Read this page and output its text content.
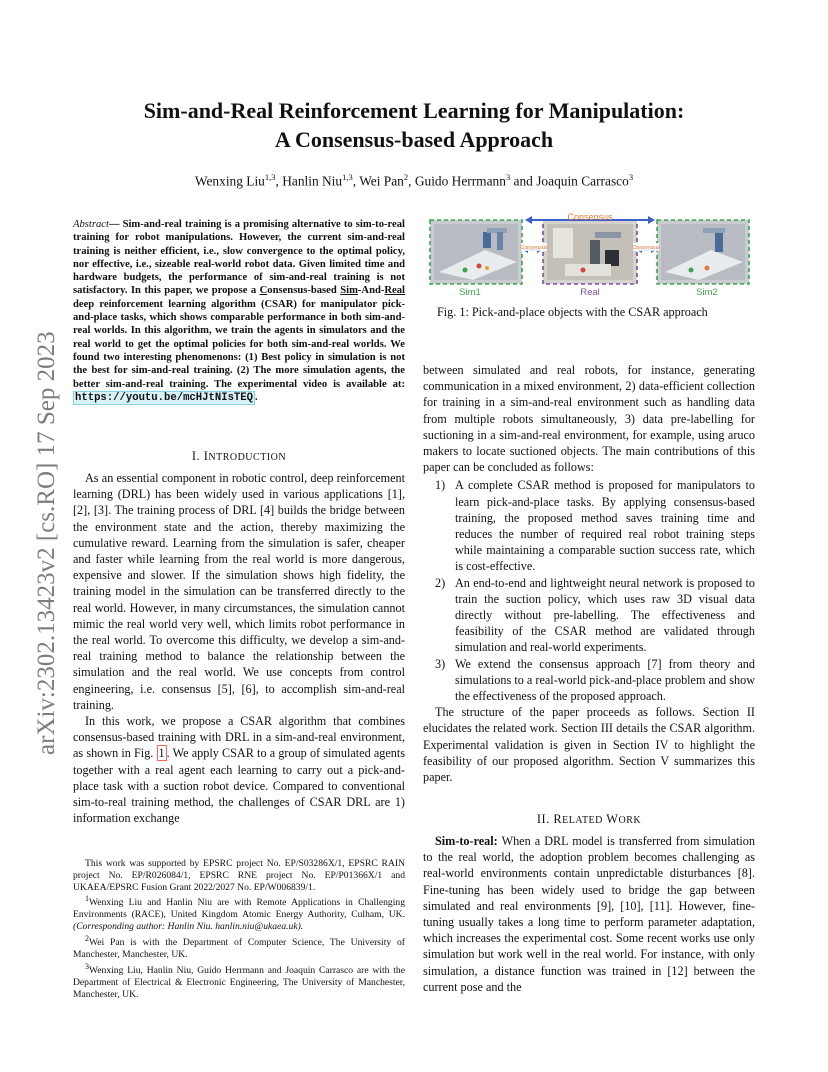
arXiv:2302.13423v2 [cs.RO] 17 Sep 2023
Sim-and-Real Reinforcement Learning for Manipulation:
A Consensus-based Approach
Wenxing Liu$^{1,3}$, Hanlin Niu$^{1,3}$, Wei Pan$^2$, Guido Herrmann$^3$ and Joaquin Carrasco$^3$
Abstract— Sim-and-real training is a promising alternative to sim-to-real training for robot manipulations. However, the current sim-and-real training is neither efficient, i.e., slow convergence to the optimal policy, nor effective, i.e., sizeable real-world robot data. Given limited time and hardware budgets, the performance of sim-and-real training is not satisfactory. In this paper, we propose a Consensus-based Sim-And-Real deep reinforcement learning algorithm (CSAR) for manipulator pick-and-place tasks, which shows comparable performance in both sim-and-real worlds. In this algorithm, we train the agents in simulators and the real world to get the optimal policies for both sim-and-real worlds. We found two interesting phenomenons: (1) Best policy in simulation is not the best for sim-and-real training. (2) The more simulation agents, the better sim-and-real training. The experimental video is available at: https://youtu.be/mcHJtNIsTEQ .
I. INTRODUCTION
As an essential component in robotic control, deep reinforcement learning (DRL) has been widely used in various applications [1], [2], [3]. The training process of DRL [4] builds the bridge between the environment state and the action, thereby maximizing the cumulative reward. Learning from the simulation is safer, cheaper and faster while learning from the real world is more dangerous, expensive and slower. If the simulation shows high fidelity, the training model in the simulation can be transferred directly to the real world. However, in many circumstances, the simulation cannot mimic the real world very well, which limits robot performance in the real world. To overcome this difficulty, we develop a sim-and-real training method to balance the relationship between the simulation and the real world. We use concepts from control engineering, i.e. consensus [5], [6], to accomplish sim-and-real training.
In this work, we propose a CSAR algorithm that combines consensus-based training with DRL in a sim-and-real environment, as shown in Fig. 1 . We apply CSAR to a group of simulated agents together with a real agent each learning to carry out a pick-and-place task with a suction robot device. Compared to conventional sim-to-real training method, the challenges of CSAR DRL are 1) information exchange
This work was supported by EPSRC project No. EP/S03286X/1, EPSRC RAIN project No. EP/R026084/1, EPSRC RNE project No. EP/P01366X/1 and UKAEA/EPSRC Fusion Grant 2022/2027 No. EP/W006839/1.
$^1$Wenxing Liu and Hanlin Niu are with Remote Applications in Challenging Environments (RACE), United Kingdom Atomic Energy Authority, Culham, UK. (Corresponding author: Hanlin Niu. hanlin.niu@ukaea.uk).
$^2$Wei Pan is with the Department of Computer Science, The University of Manchester, Manchester, UK.
$^3$Wenxing Liu, Hanlin Niu, Guido Herrmann and Joaquin Carrasco are with the Department of Electrical & Electronic Engineering, The University of Manchester, Manchester, UK.
Consensus
Consensus	Consensus
Sim1	Real	Sim2
Fig. 1: Pick-and-place objects with the CSAR approach
between simulated and real robots, for instance, generating communication in a mixed environment, 2) data-efficient collection for training in a sim-and-real environment such as handling data from multiple robots simultaneously, 3) data pre-labelling for suctioning in a sim-and-real environment, for example, using aruco makers to locate suctioned objects. The main contributions of this paper can be concluded as follows:
1) A complete CSAR method is proposed for manipulators to learn pick-and-place tasks. By applying consensus-based training, the proposed method saves training time and reduces the number of required real robot training steps while maintaining a comparable suction success rate, which is cost-effective.
2) An end-to-end and lightweight neural network is proposed to train the suction policy, which uses raw 3D visual data directly without pre-labelling. The effectiveness and feasibility of the CSAR method are validated through simulation and real-world experiments.
3) We extend the consensus approach [7] from theory and simulations to a real-world pick-and-place problem and show the effectiveness of the proposed approach.
The structure of the paper proceeds as follows. Section II elucidates the related work. Section III details the CSAR algorithm. Experimental validation is given in Section IV to highlight the feasibility of our proposed algorithm. Section V summarizes this paper.
II. RELATED WORK
Sim-to-real: When a DRL model is transferred from simulation to the real world, the adoption problem becomes challenging as real-world environments contain unpredictable disturbances [8]. Fine-tuning has been widely used to bridge the gap between simulated and real environments [9], [10], [11]. However, fine-tuning usually takes a long time to perform parameter adaptation, which increases the experimental cost. Some recent works use only simulation but work well in the real world. For instance, with only simulation, a distance function was trained in [12] between the current pose and the
